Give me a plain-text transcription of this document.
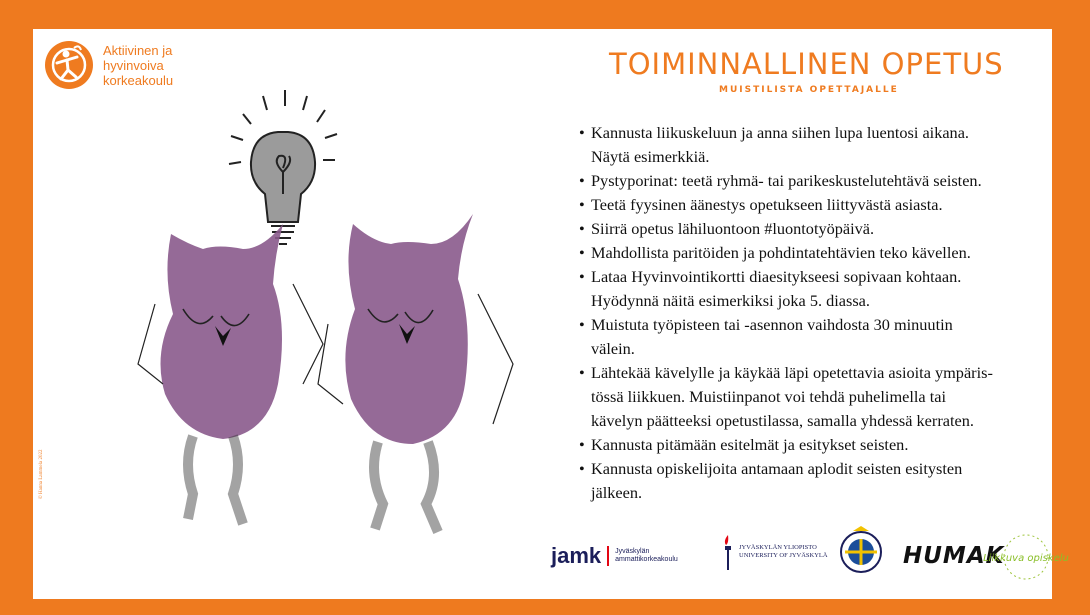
Aktiivinen ja
hyvinvoiva
korkeakoulu	TOIMINNALLINEN OPETUS
MUISTILISTA OPETTAJALLE
• Kannusta liikuskeluun ja anna siihen lupa luentosi aikana.
Näytä esimerkkiä.
• Pystyporinat: teetä ryhmä- tai parikeskustelutehtävä seisten.
• Teetä fyysinen äänestys opetukseen liittyvästä asiasta.
• Siirrä opetus lähiluontoon #luontotyöpäivä.
• Mahdollista paritöiden ja pohdintatehtävien teko kävellen.
• Lataa Hyvinvointikortti diaesitykseesi sopivaan kohtaan.
Hyödynnä näitä esimerkiksi joka 5. diassa.
• Muistuta työpisteen tai -asennon vaihdosta 30 minuutin
välein.
• Lähtekää kävelylle ja käykää läpi opetettavia asioita ympäris-
tössä liikkuen. Muistiinpanot voi tehdä puhelimella tai
kävelyn päätteeksi opetustilassa, samalla yhdessä kerraten.
• Kannusta pitämään esitelmät ja esitykset seisten.
• Kannusta opiskelijoita antamaan aplodit seisten esitysten
jälkeen.
© Hanna Lammela 2022
jamk Jyväskylän
ammattikorkeakoulu
JYVÄSKYLÄN YLIOPISTO
UNIVERSITY OF JYVÄSKYLÄ	HUMAK
Liikkuva opiskelu
